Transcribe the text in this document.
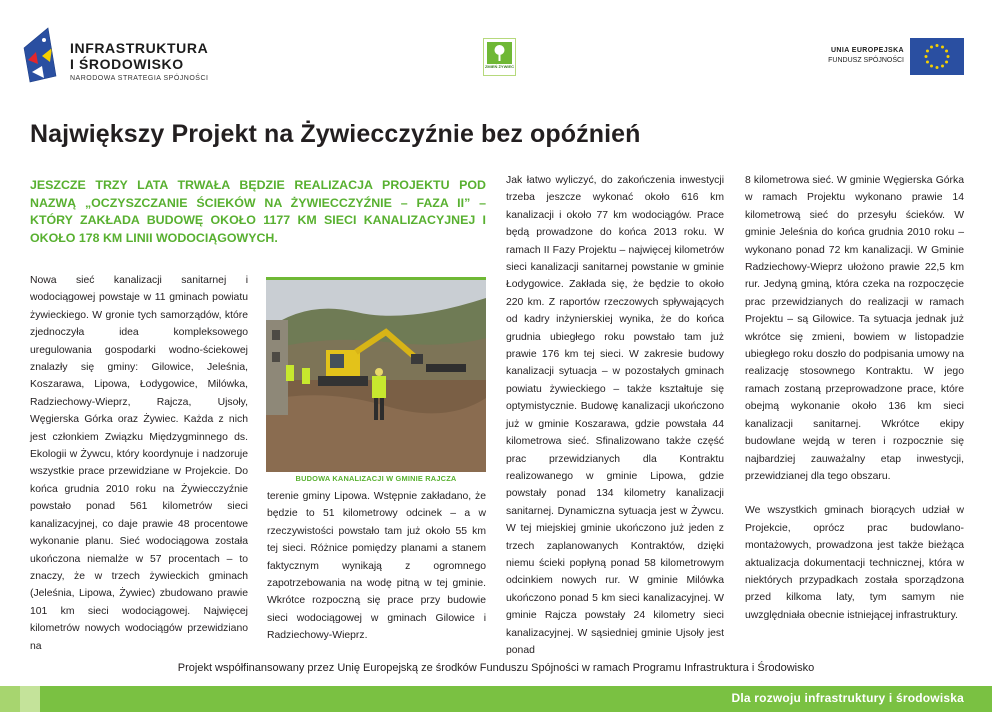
INFRASTRUKTURA
I ŚRODOWISKO
NARODOWA STRATEGIA SPÓJNOŚCI
ZMIEŃ ŻYWIEC
UNIA EUROPEJSKA
FUNDUSZ SPÓJNOŚCI
Największy Projekt na Żywiecczyźnie bez opóźnień

JESZCZE TRZY LATA TRWAŁA BĘDZIE REALIZACJA PROJEKTU POD NAZWĄ „OCZYSZCZANIE ŚCIEKÓW NA ŻYWIECCZYŹNIE – FAZA II” – KTÓRY ZAKŁADA BUDOWĘ OKOŁO 1177 KM SIECI KANALIZACYJNEJ I OKOŁO 178 KM LINII WODOCIĄGOWYCH.

Nowa sieć kanalizacji sanitarnej i wodociągowej powstaje w 11 gminach powiatu żywieckiego. W gronie tych samorządów, które zjednoczyła idea kompleksowego uregulowania gospodarki wodno-ściekowej znalazły się gminy: Gilowice, Jeleśnia, Koszarawa, Lipowa, Łodygowice, Milówka, Radziechowy-Wieprz, Rajcza, Ujsoły, Węgierska Górka oraz Żywiec. Każda z nich jest członkiem Związku Międzygminnego ds. Ekologii w Żywcu, który koordynuje i nadzoruje wszystkie prace przewidziane w Projekcie. Do końca grudnia 2010 roku na Żywiecczyźnie powstało ponad 561 kilometrów sieci kanalizacyjnej, co daje prawie 48 procentowe wykonanie planu. Sieć wodociągowa została ukończona niemalże w 57 procentach – to znaczy, że w trzech żywieckich gminach (Jeleśnia, Lipowa, Żywiec) zbudowano prawie 101 km sieci wodociągowej. Najwięcej kilometrów nowych wodociągów przewidziano na

BUDOWA KANALIZACJI W GMINIE RAJCZA

terenie gminy Lipowa. Wstępnie zakładano, że będzie to 51 kilometrowy odcinek – a w rzeczywistości powstało tam już około 55 km tej sieci. Różnice pomiędzy planami a stanem faktycznym wynikają z ogromnego zapotrzebowania na wodę pitną w tej gminie. Wkrótce rozpoczną się prace przy budowie sieci wodociągowej w gminach Gilowice i Radziechowy-Wieprz.

Jak łatwo wyliczyć, do zakończenia inwestycji trzeba jeszcze wykonać około 616 km kanalizacji i około 77 km wodociągów. Prace będą prowadzone do końca 2013 roku. W ramach II Fazy Projektu – najwięcej kilometrów sieci kanalizacji sanitarnej powstanie w gminie Łodygowice. Zakłada się, że będzie to około 220 km. Z raportów rzeczowych spływających od kadry inżynierskiej wynika, że do końca grudnia ubiegłego roku powstało tam już prawie 176 km tej sieci. W zakresie budowy kanalizacji sytuacja – w pozostałych gminach powiatu żywieckiego – także kształtuje się optymistycznie. Budowę kanalizacji ukończono już w gminie Koszarawa, gdzie powstała 44 kilometrowa sieć. Sfinalizowano także część prac przewidzianych dla Kontraktu realizowanego w gminie Lipowa, gdzie powstały ponad 134 kilometry kanalizacji sanitarnej. Dynamiczna sytuacja jest w Żywcu. W tej miejskiej gminie ukończono już jeden z trzech zaplanowanych Kontraktów, dzięki niemu ścieki popłyną ponad 58 kilometrowym odcinkiem nowych rur. W gminie Milówka ukończono ponad 5 km sieci kanalizacyjnej. W gminie Rajcza powstały 24 kilometry sieci kanalizacyjnej. W sąsiedniej gminie Ujsoły jest ponad

8 kilometrowa sieć. W gminie Węgierska Górka w ramach Projektu wykonano prawie 14 kilometrową sieć do przesyłu ścieków. W gminie Jeleśnia do końca grudnia 2010 roku – wykonano ponad 72 km kanalizacji. W Gminie Radziechowy-Wieprz ułożono prawie 22,5 km rur. Jedyną gminą, która czeka na rozpoczęcie prac przewidzianych do realizacji w ramach Projektu – są Gilowice. Ta sytuacja jednak już wkrótce się zmieni, bowiem w listopadzie ubiegłego roku doszło do podpisania umowy na realizację stosownego Kontraktu. W jego ramach zostaną przeprowadzone prace, które obejmą wykonanie około 136 km sieci kanalizacji sanitarnej. Wkrótce ekipy budowlane wejdą w teren i rozpocznie się najbardziej zauważalny etap inwestycji, przewidzianej dla tego obszaru.

We wszystkich gminach biorących udział w Projekcie, oprócz prac budowlano-montażowych, prowadzona jest także bieżąca aktualizacja dokumentacji technicznej, która w niektórych przypadkach została sporządzona przed kilkoma laty, tym samym nie uwzględniała obecnie istniejącej infrastruktury.

Projekt współfinansowany przez Unię Europejską ze środków Funduszu Spójności w ramach Programu Infrastruktura i Środowisko
Dla rozwoju infrastruktury i środowiska
